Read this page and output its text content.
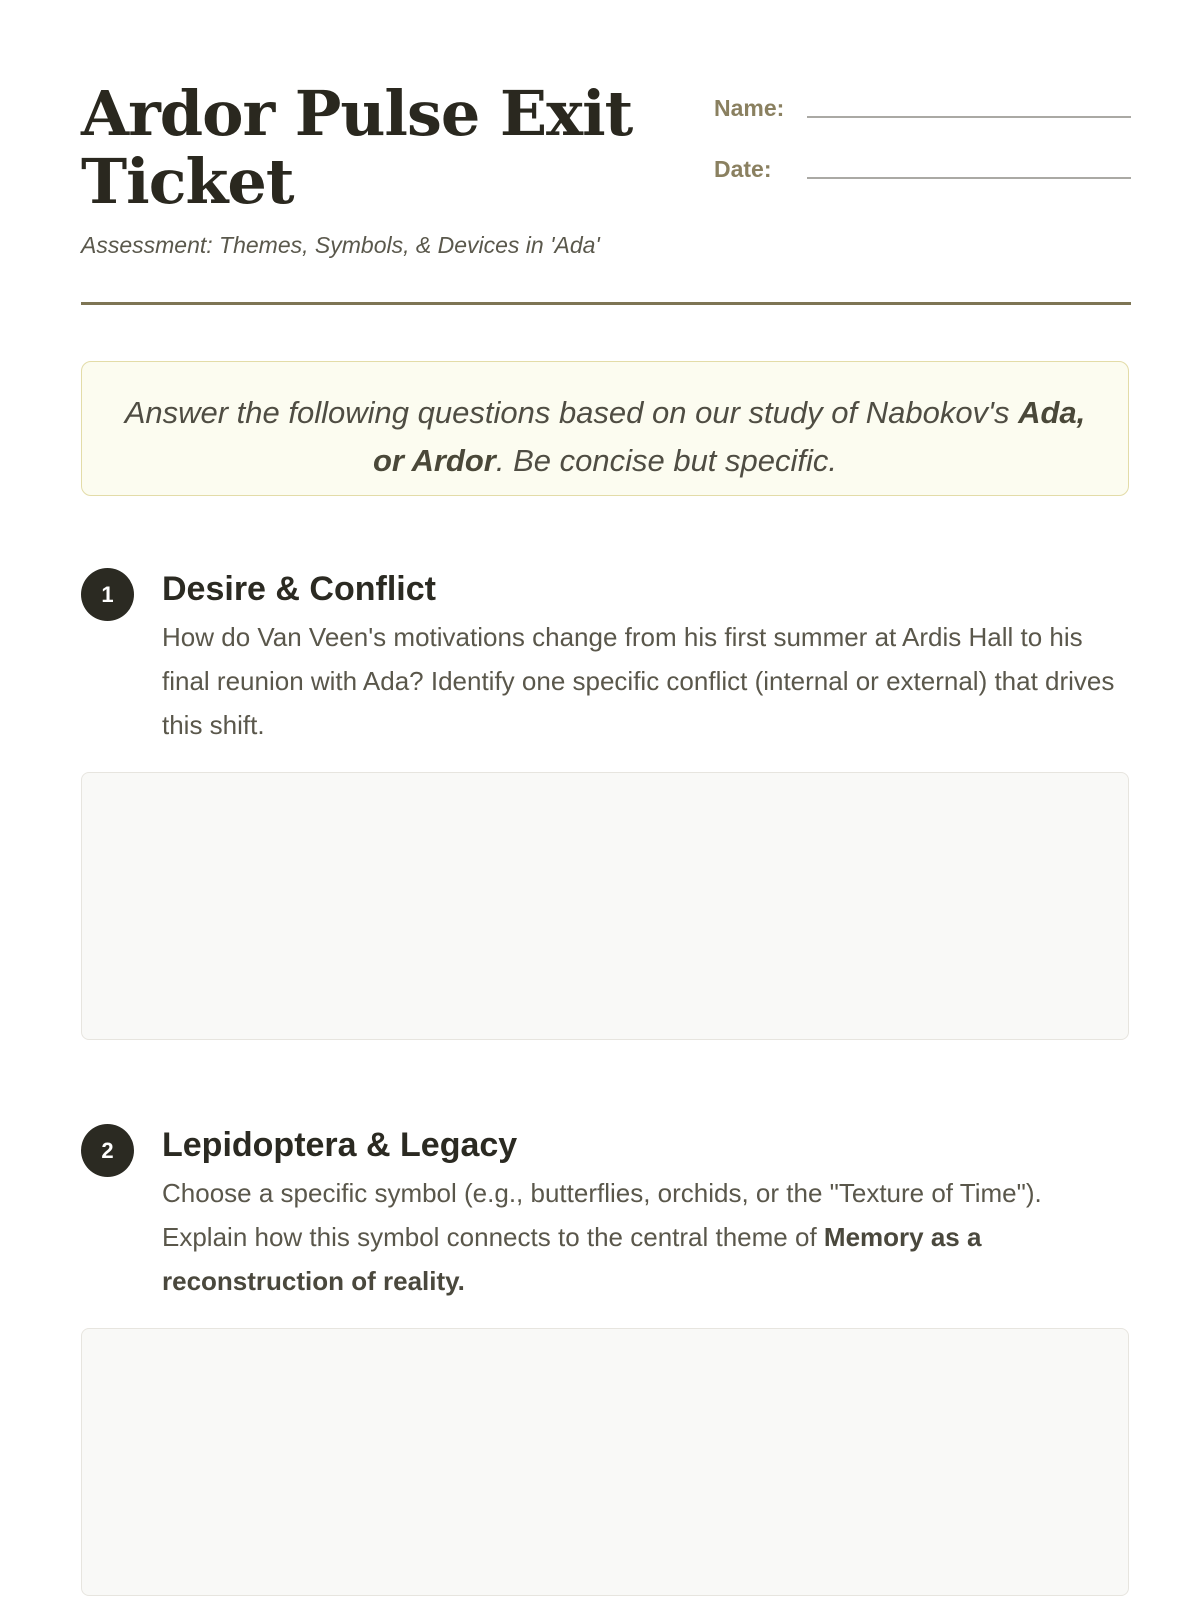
Ardor Pulse Exit Ticket
Assessment: Themes, Symbols, & Devices in 'Ada'
Name:
Date:
Answer the following questions based on our study of Nabokov's Ada, or Ardor. Be concise but specific.
1	Desire & Conflict

How do Van Veen's motivations change from his first summer at Ardis Hall to his final reunion with Ada? Identify one specific conflict (internal or external) that drives this shift.

2	Lepidoptera & Legacy

Choose a specific symbol (e.g., butterflies, orchids, or the "Texture of Time"). Explain how this symbol connects to the central theme of Memory as a reconstruction of reality.
